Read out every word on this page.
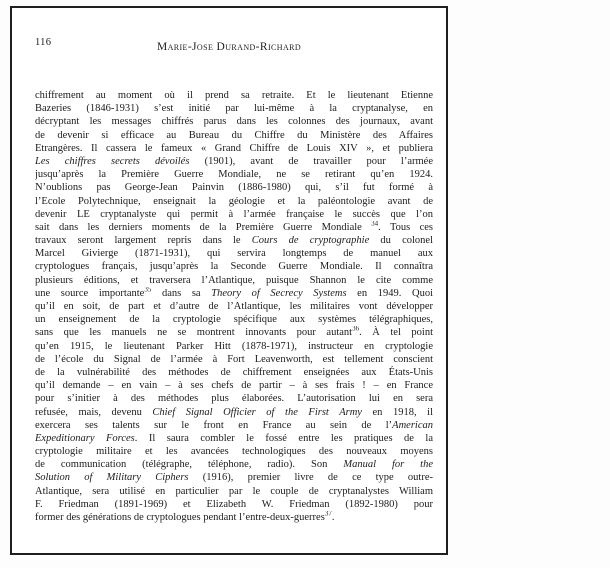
116	Marie-Jose Durand-Richard
chiffrement au moment où il prend sa retraite. Et le lieutenant Etienne
Bazeries (1846-1931) s’est initié par lui-même à la cryptanalyse, en
décryptant les messages chiffrés parus dans les colonnes des journaux, avant
de devenir si efficace au Bureau du Chiffre du Ministère des Affaires
Etrangères. Il cassera le fameux « Grand Chiffre de Louis XIV », et publiera
Les chiffres secrets dévoilés (1901), avant de travailler pour l’armée
jusqu’après la Première Guerre Mondiale, ne se retirant qu’en 1924.
N’oublions pas George-Jean Painvin (1886-1980) qui, s’il fut formé à
l’Ecole Polytechnique, enseignait la géologie et la paléontologie avant de
devenir LE cryptanalyste qui permit à l’armée française le succès que l’on
sait dans les derniers moments de la Première Guerre Mondiale $^{34}$. Tous ces
travaux seront largement repris dans le Cours de cryptographie du colonel
Marcel Givierge (1871-1931), qui servira longtemps de manuel aux
cryptologues français, jusqu’après la Seconde Guerre Mondiale. Il connaîtra
plusieurs éditions, et traversera l’Atlantique, puisque Shannon le cite comme
une source importante$^{35}$ dans sa Theory of Secrecy Systems en 1949. Quoi
qu’il en soit, de part et d’autre de l’Atlantique, les militaires vont développer
un enseignement de la cryptologie spécifique aux systèmes télégraphiques,
sans que les manuels ne se montrent innovants pour autant$^{36}$. À tel point
qu’en 1915, le lieutenant Parker Hitt (1878-1971), instructeur en cryptologie
de l’école du Signal de l’armée à Fort Leavenworth, est tellement conscient
de la vulnérabilité des méthodes de chiffrement enseignées aux États-Unis
qu’il demande – en vain – à ses chefs de partir – à ses frais ! – en France
pour s’initier à des méthodes plus élaborées. L’autorisation lui en sera
refusée, mais, devenu Chief Signal Officier of the First Army en 1918, il
exercera ses talents sur le front en France au sein de l’American
Expeditionary Forces. Il saura combler le fossé entre les pratiques de la
cryptologie militaire et les avancées technologiques des nouveaux moyens
de communication (télégraphe, téléphone, radio). Son Manual for the
Solution of Military Ciphers (1916), premier livre de ce type outre-
Atlantique, sera utilisé en particulier par le couple de cryptanalystes William
F. Friedman (1891-1969) et Elizabeth W. Friedman (1892-1980) pour
former des générations de cryptologues pendant l’entre-deux-guerres$^{37}$.
